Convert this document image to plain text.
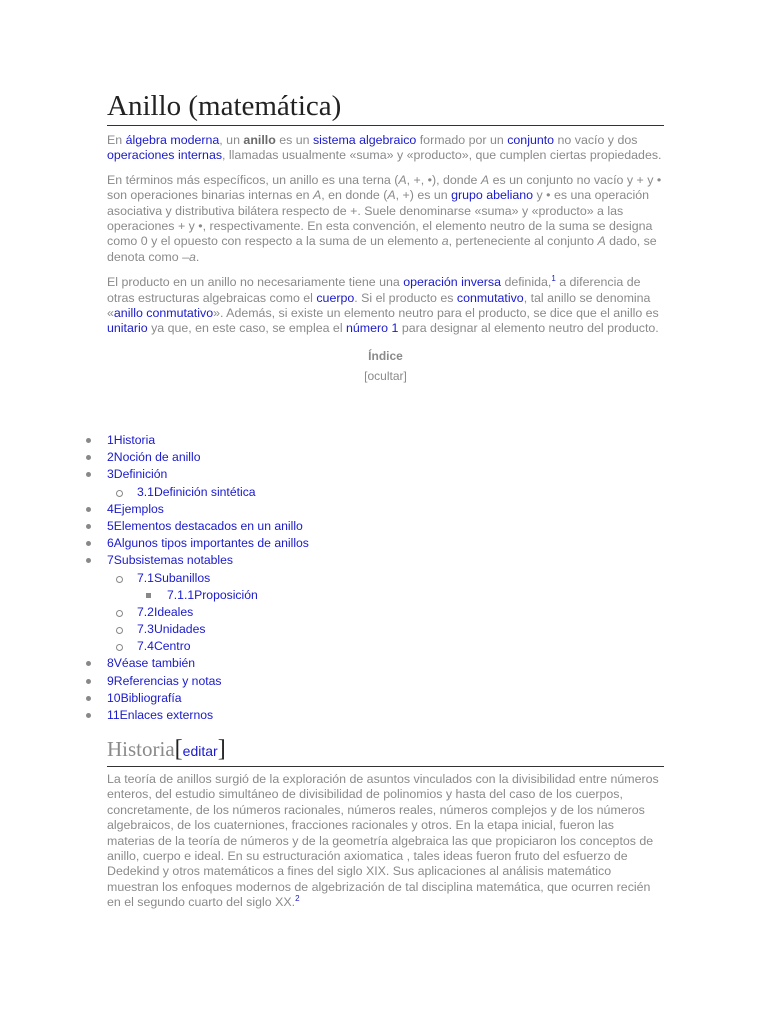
Anillo (matemática)

En álgebra moderna, un anillo es un sistema algebraico formado por un conjunto no vacío y dos operaciones internas, llamadas usualmente «suma» y «producto», que cumplen ciertas propiedades.

En términos más específicos, un anillo es una terna (A, +, •), donde A es un conjunto no vacío y + y • son operaciones binarias internas en A, en donde (A, +) es un grupo abeliano y • es una operación asociativa y distributiva bilátera respecto de +. Suele denominarse «suma» y «producto» a las operaciones + y •, respectivamente. En esta convención, el elemento neutro de la suma se designa como 0 y el opuesto con respecto a la suma de un elemento a, perteneciente al conjunto A dado, se denota como –a.

El producto en un anillo no necesariamente tiene una operación inversa definida,$^1$ a diferencia de otras estructuras algebraicas como el cuerpo. Si el producto es conmutativo, tal anillo se denomina «anillo conmutativo». Además, si existe un elemento neutro para el producto, se dice que el anillo es unitario ya que, en este caso, se emplea el número 1 para designar al elemento neutro del producto.

Índice
[ocultar]
1Historia
2Noción de anillo
3Definición
3.1Definición sintética
4Ejemplos
5Elementos destacados en un anillo
6Algunos tipos importantes de anillos
7Subsistemas notables
7.1Subanillos
7.1.1Proposición
7.2Ideales
7.3Unidades
7.4Centro
8Véase también
9Referencias y notas
10Bibliografía
11Enlaces externos
Historia[editar]

La teoría de anillos surgió de la exploración de asuntos vinculados con la divisibilidad entre números enteros, del estudio simultáneo de divisibilidad de polinomios y hasta del caso de los cuerpos, concretamente, de los números racionales, números reales, números complejos y de los números algebraicos, de los cuaterniones, fracciones racionales y otros. En la etapa inicial, fueron las materias de la teoría de números y de la geometría algebraica las que propiciaron los conceptos de anillo, cuerpo e ideal. En su estructuración axiomatica , tales ideas fueron fruto del esfuerzo de Dedekind y otros matemáticos a fines del siglo XIX. Sus aplicaciones al análisis matemático muestran los enfoques modernos de algebrización de tal disciplina matemática, que ocurren recién en el segundo cuarto del siglo XX.$^2$
